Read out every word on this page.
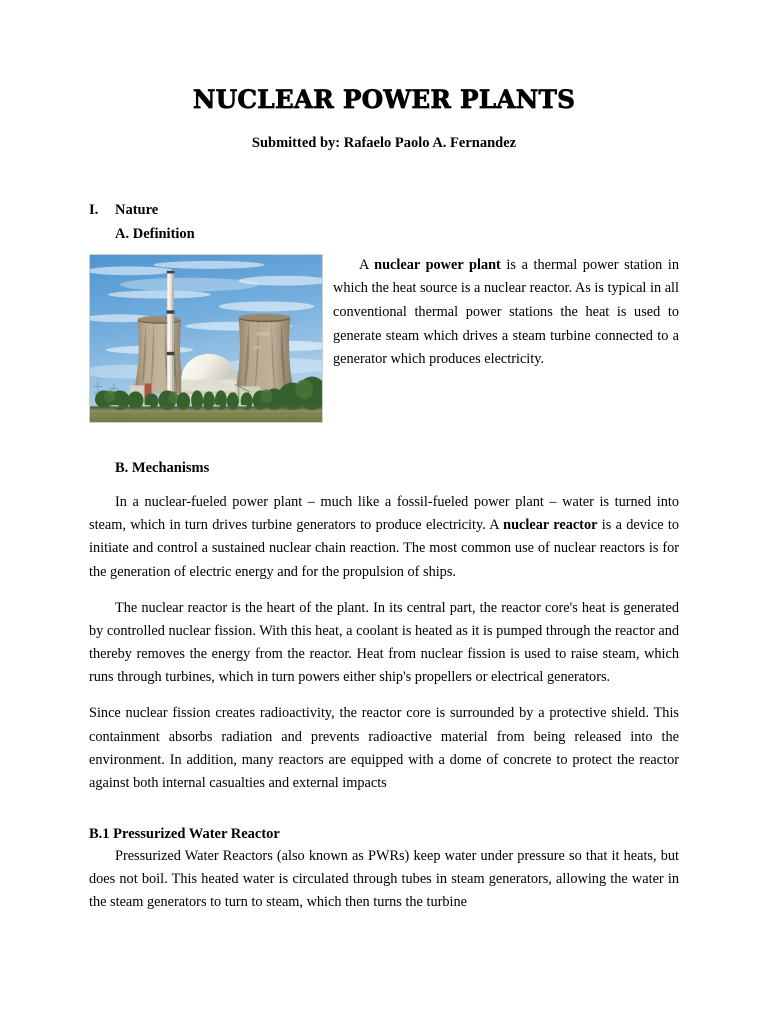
NUCLEAR POWER PLANTS

Submitted by: Rafaelo Paolo A. Fernandez

I. Nature
A. Definition

A nuclear power plant is a thermal power station in which the heat source is a nuclear reactor. As is typical in all conventional thermal power stations the heat is used to generate steam which drives a steam turbine connected to a generator which produces electricity.

B. Mechanisms

In a nuclear-fueled power plant – much like a fossil-fueled power plant – water is turned into steam, which in turn drives turbine generators to produce electricity. A nuclear reactor is a device to initiate and control a sustained nuclear chain reaction. The most common use of nuclear reactors is for the generation of electric energy and for the propulsion of ships.

The nuclear reactor is the heart of the plant. In its central part, the reactor core's heat is generated by controlled nuclear fission. With this heat, a coolant is heated as it is pumped through the reactor and thereby removes the energy from the reactor. Heat from nuclear fission is used to raise steam, which runs through turbines, which in turn powers either ship's propellers or electrical generators.

Since nuclear fission creates radioactivity, the reactor core is surrounded by a protective shield. This containment absorbs radiation and prevents radioactive material from being released into the environment. In addition, many reactors are equipped with a dome of concrete to protect the reactor against both internal casualties and external impacts

B.1 Pressurized Water Reactor

Pressurized Water Reactors (also known as PWRs) keep water under pressure so that it heats, but does not boil. This heated water is circulated through tubes in steam generators, allowing the water in the steam generators to turn to steam, which then turns the turbine
